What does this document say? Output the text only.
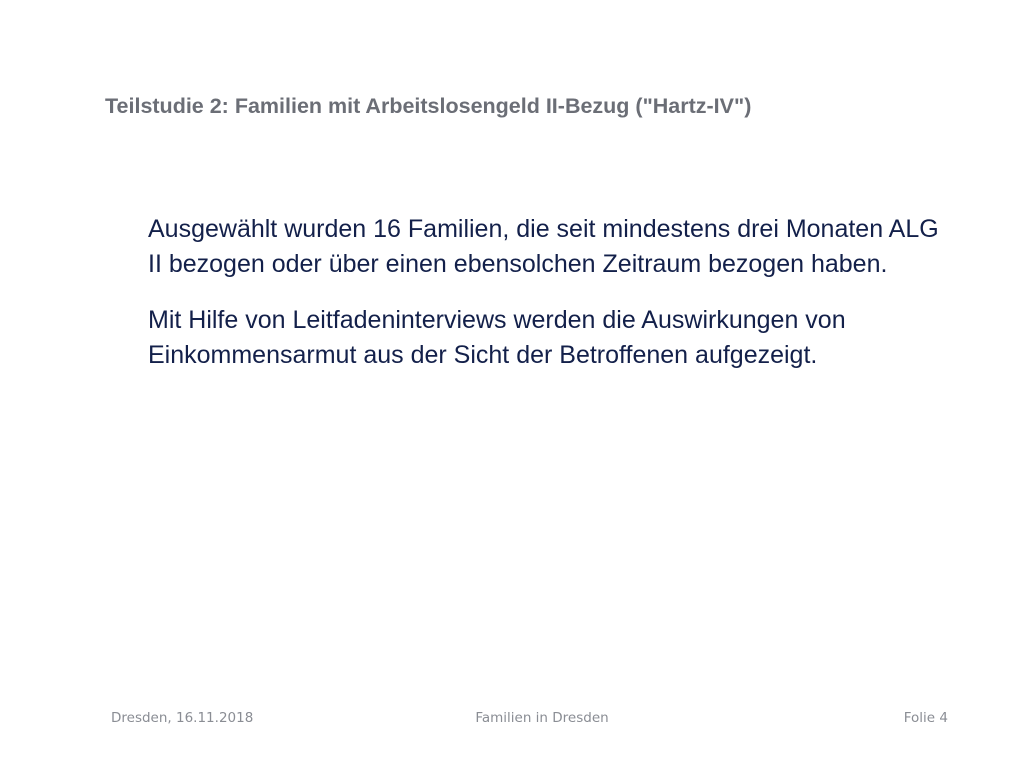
Teilstudie 2: Familien mit Arbeitslosengeld II-Bezug ("Hartz-IV")

Ausgewählt wurden 16 Familien, die seit mindestens drei Monaten ALG II bezogen oder über einen ebensolchen Zeitraum bezogen haben.

Mit Hilfe von Leitfadeninterviews werden die Auswirkungen von Einkommensarmut aus der Sicht der Betroffenen aufgezeigt.

Dresden, 16.11.2018	Familien in Dresden	Folie 4
